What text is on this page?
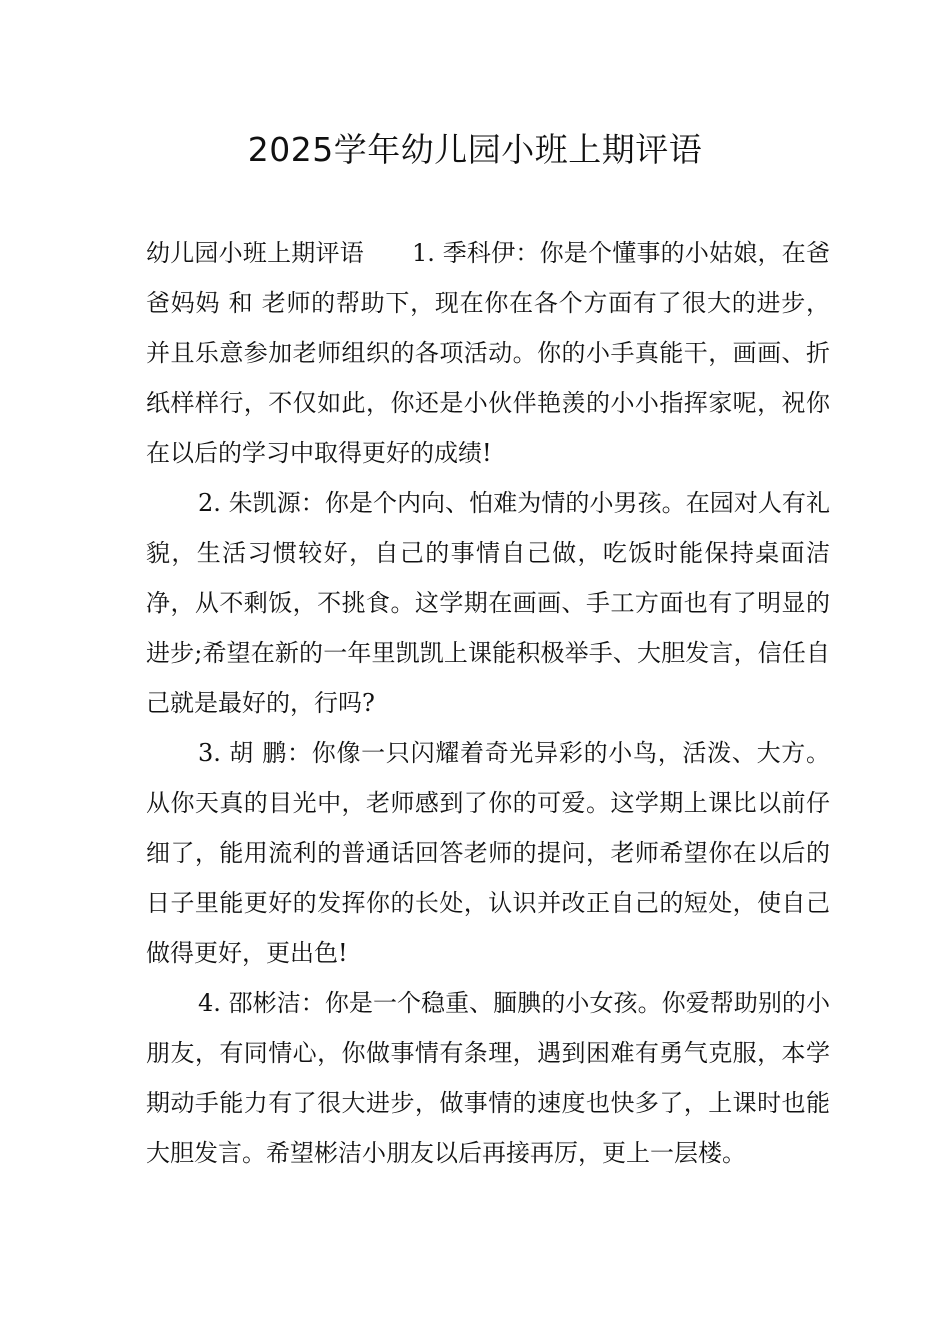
2025学年幼儿园小班上期评语

幼儿园小班上期评语 1. 季科伊：你是个懂事的小姑娘，在爸爸妈妈 和 老师的帮助下，现在你在各个方面有了很大的进步，并且乐意参加老师组织的各项活动。你的小手真能干，画画、折纸样样行，不仅如此，你还是小伙伴艳羡的小小指挥家呢，祝你在以后的学习中取得更好的成绩!

2. 朱凯源：你是个内向、怕难为情的小男孩。在园对人有礼貌，生活习惯较好，自己的事情自己做，吃饭时能保持桌面洁净，从不剩饭，不挑食。这学期在画画、手工方面也有了明显的进步;希望在新的一年里凯凯上课能积极举手、大胆发言，信任自己就是最好的，行吗?

3. 胡 鹏：你像一只闪耀着奇光异彩的小鸟，活泼、大方。从你天真的目光中，老师感到了你的可爱。这学期上课比以前仔细了，能用流利的普通话回答老师的提问，老师希望你在以后的日子里能更好的发挥你的长处，认识并改正自己的短处，使自己做得更好，更出色!

4. 邵彬洁：你是一个稳重、腼腆的小女孩。你爱帮助别的小朋友，有同情心，你做事情有条理，遇到困难有勇气克服，本学期动手能力有了很大进步，做事情的速度也快多了，上课时也能大胆发言。希望彬洁小朋友以后再接再厉，更上一层楼。
